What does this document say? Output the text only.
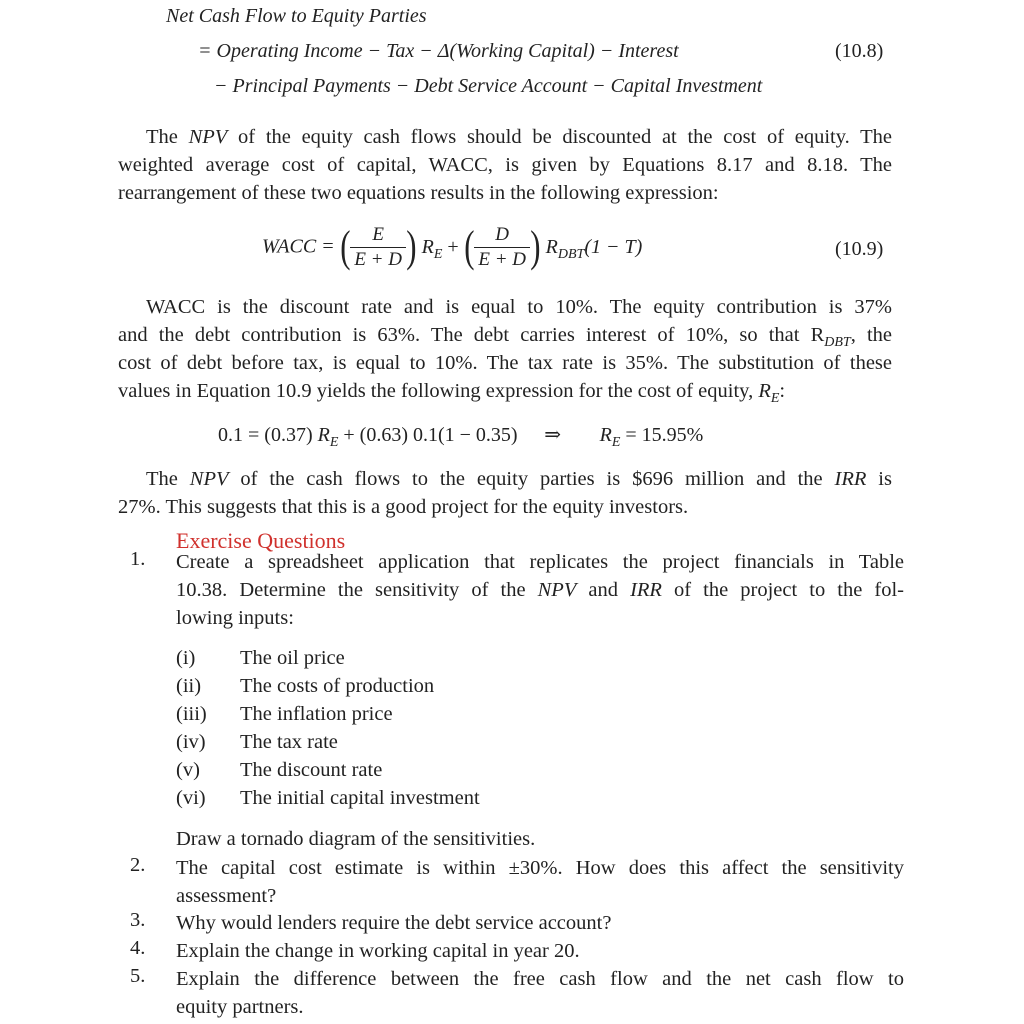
Net Cash Flow to Equity Parties
= Operating Income − Tax − Δ(Working Capital) − Interest
− Principal Payments − Debt Service Account − Capital Investment
(10.8)
The NPV of the equity cash flows should be discounted at the cost of equity. The
weighted average cost of capital, WACC, is given by Equations 8.17 and 8.18. The
rearrangement of these two equations results in the following expression:
WACC = ( $\frac{E}{E + D}$ ) $R_E$ + ( $\frac{D}{E + D}$ ) $R_{DBT}(1 - T)$	(10.9)
WACC is the discount rate and is equal to 10%. The equity contribution is 37%
and the debt contribution is 63%. The debt carries interest of 10%, so that $R_{DBT}$, the
cost of debt before tax, is equal to 10%. The tax rate is 35%. The substitution of these
values in Equation 10.9 yields the following expression for the cost of equity, $R_E$:
0.1 = (0.37) $R_E + (0.63) 0.1(1 - 0.35)$ ⇒ $R_E = 15.95\%$
The NPV of the cash flows to the equity parties is $696 million and the IRR is
27%. This suggests that this is a good project for the equity investors.
1. Create a spreadsheet application that replicates the project financials in Table
10.38. Determine the sensitivity of the NPV and IRR of the project to the fol-
lowing inputs:
Exercise Questions
(i) The oil price
(ii) The costs of production
(iii) The inflation price
(iv) The tax rate
(v) The discount rate
(vi) The initial capital investment
Draw a tornado diagram of the sensitivities.
2. The capital cost estimate is within ±30%. How does this affect the sensitivity
assessment?
3. Why would lenders require the debt service account?
4. Explain the change in working capital in year 20.
5. Explain the difference between the free cash flow and the net cash flow to
equity partners.
